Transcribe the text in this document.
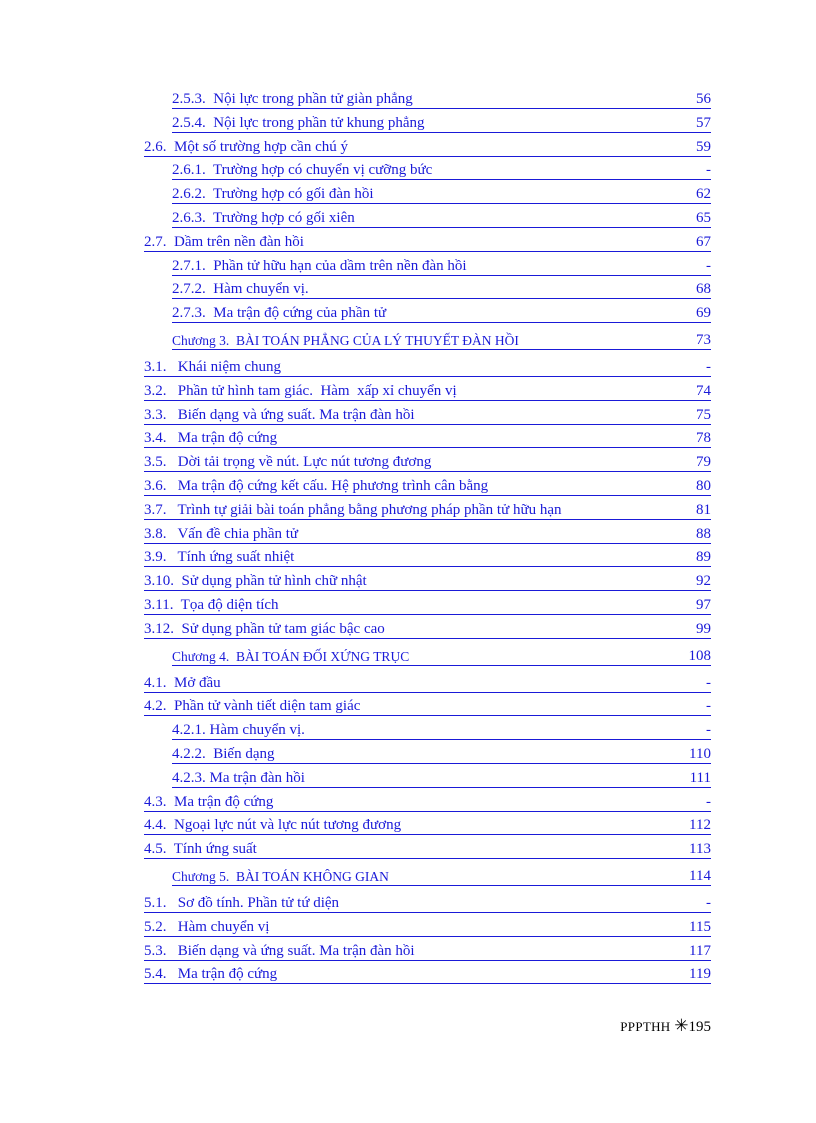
2.5.3.  Nội lực trong phần tử giàn phẳng	56
2.5.4.  Nội lực trong phần tử khung phẳng	57
2.6.  Một số trường hợp cần chú ý	59
2.6.1.  Trường hợp có chuyển vị cưỡng bức	-
2.6.2.  Trường hợp có gối đàn hồi	62
2.6.3.  Trường hợp có gối xiên	65
2.7.  Dầm trên nền đàn hồi	67
2.7.1.  Phần tử hữu hạn của dầm trên nền đàn hồi	-
2.7.2.  Hàm chuyển vị.	68
2.7.3.  Ma trận độ cứng của phần tử	69
Chương 3.  BÀI TOÁN PHẲNG CỦA LÝ THUYẾT ĐÀN HỒI	73
3.1.   Khái niệm chung	-
3.2.   Phần tử hình tam giác.  Hàm  xấp xỉ chuyển vị	74
3.3.   Biến dạng và ứng suất. Ma trận đàn hồi	75
3.4.   Ma trận độ cứng	78
3.5.   Dời tải trọng về nút. Lực nút tương đương	79
3.6.   Ma trận độ cứng kết cấu. Hệ phương trình cân bằng	80
3.7.   Trình tự giải bài toán phẳng bằng phương pháp phần tử hữu hạn	81
3.8.   Vấn đề chia phần tử	88
3.9.   Tính ứng suất nhiệt	89
3.10.  Sử dụng phần tử hình chữ nhật	92
3.11.  Tọa độ diện tích	97
3.12.  Sử dụng phần tử tam giác bậc cao	99
Chương 4.  BÀI TOÁN ĐỐI XỨNG TRỤC	108
4.1.  Mở đầu	-
4.2.  Phần tử vành tiết diện tam giác	-
4.2.1. Hàm chuyển vị.	-
4.2.2.  Biến dạng	110
4.2.3. Ma trận đàn hồi	111
4.3.  Ma trận độ cứng	-
4.4.  Ngoại lực nút và lực nút tương đương	112
4.5.  Tính ứng suất	113
Chương 5.  BÀI TOÁN KHÔNG GIAN	114
5.1.   Sơ đồ tính. Phần tử tứ diện	-
5.2.   Hàm chuyển vị	115
5.3.   Biến dạng và ứng suất. Ma trận đàn hồi	117
5.4.   Ma trận độ cứng	119
PPPTHH ✳195
